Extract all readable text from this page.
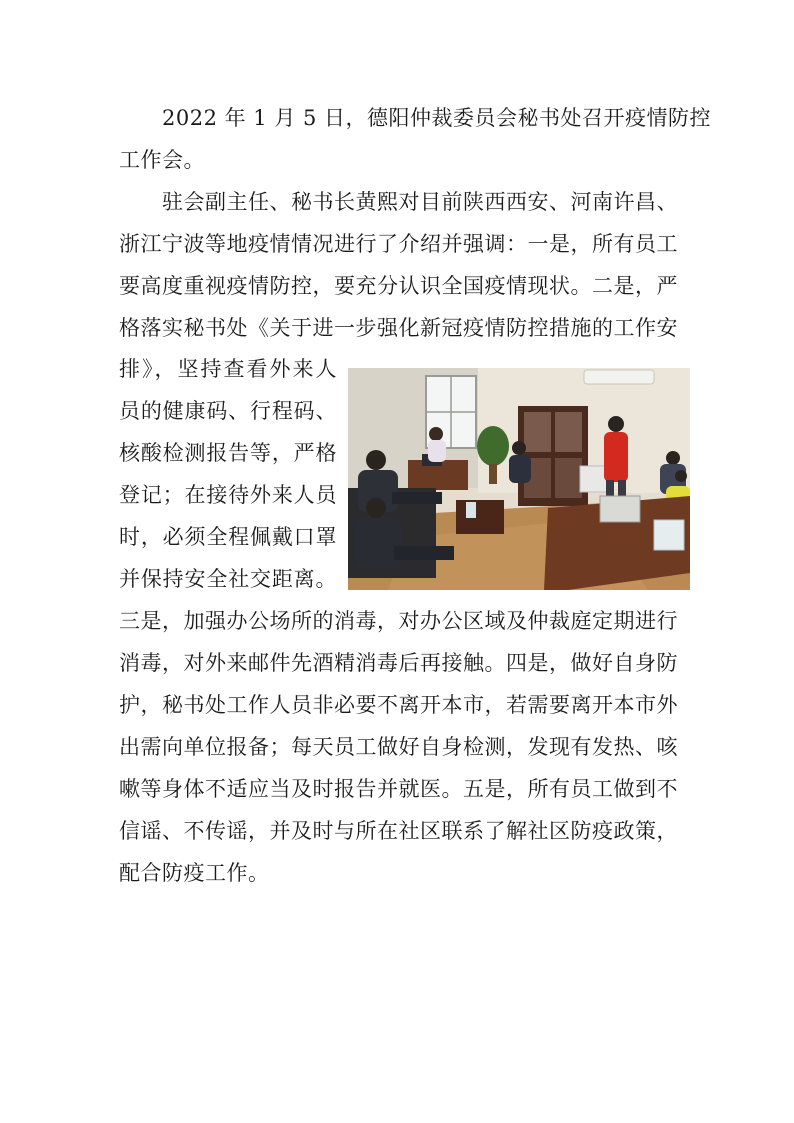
2022 年 1 月 5 日，德阳仲裁委员会秘书处召开疫情防控
工作会。
驻会副主任、秘书长黄熙对目前陕西西安、河南许昌、
浙江宁波等地疫情情况进行了介绍并强调：一是，所有员工
要高度重视疫情防控，要充分认识全国疫情现状。二是，严
格落实秘书处《关于进一步强化新冠疫情防控措施的工作安
排》，坚持查看外来人
员的健康码、行程码、
核酸检测报告等，严格
登记；在接待外来人员
时，必须全程佩戴口罩
并保持安全社交距离。
三是，加强办公场所的消毒，对办公区域及仲裁庭定期进行
消毒，对外来邮件先酒精消毒后再接触。四是，做好自身防
护，秘书处工作人员非必要不离开本市，若需要离开本市外
出需向单位报备；每天员工做好自身检测，发现有发热、咳
嗽等身体不适应当及时报告并就医。五是，所有员工做到不
信谣、不传谣，并及时与所在社区联系了解社区防疫政策，
配合防疫工作。
